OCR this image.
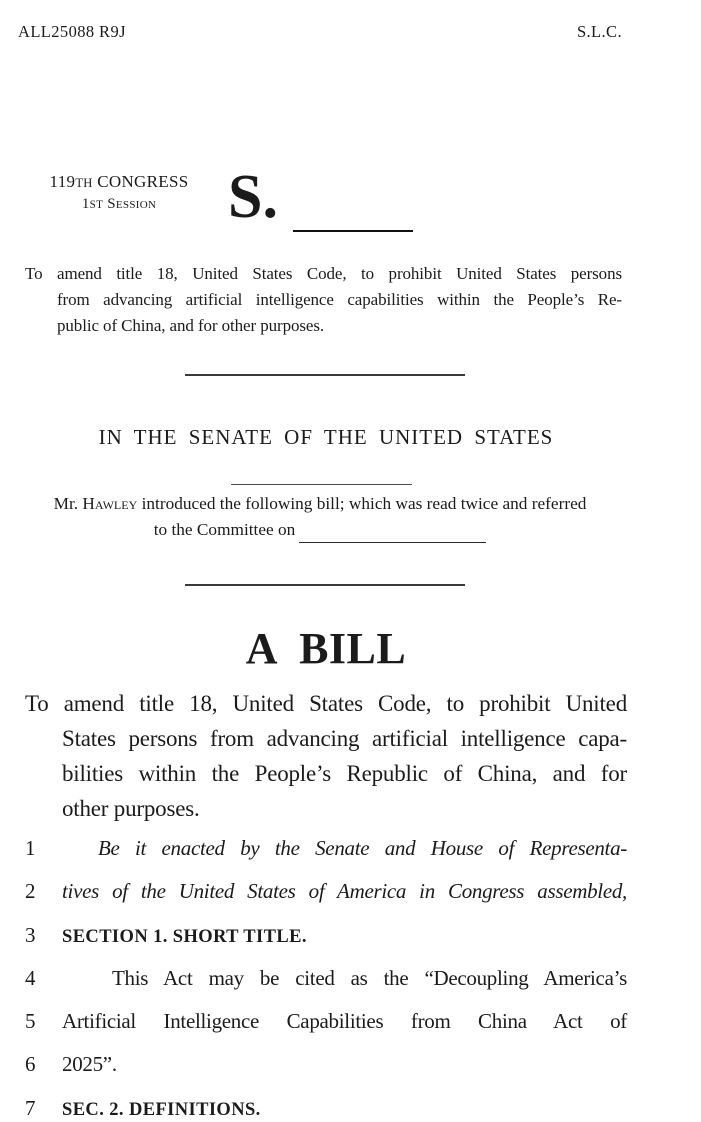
ALL25088 R9J	S.L.C.
119TH CONGRESS
1ST Session	S.
To amend title 18, United States Code, to prohibit United States persons
from advancing artificial intelligence capabilities within the People’s Re-
public of China, and for other purposes.
IN THE SENATE OF THE UNITED STATES
Mr. Hawley introduced the following bill; which was read twice and referred
to the Committee on
A BILL
To amend title 18, United States Code, to prohibit United
States persons from advancing artificial intelligence capa-
bilities within the People’s Republic of China, and for
other purposes.
1	Be it enacted by the Senate and House of Representa-
2	tives of the United States of America in Congress assembled,
3	SECTION 1. SHORT TITLE.
4	This Act may be cited as the “Decoupling America’s
5	Artificial Intelligence Capabilities from China Act of
6	2025”.
7	SEC. 2. DEFINITIONS.
